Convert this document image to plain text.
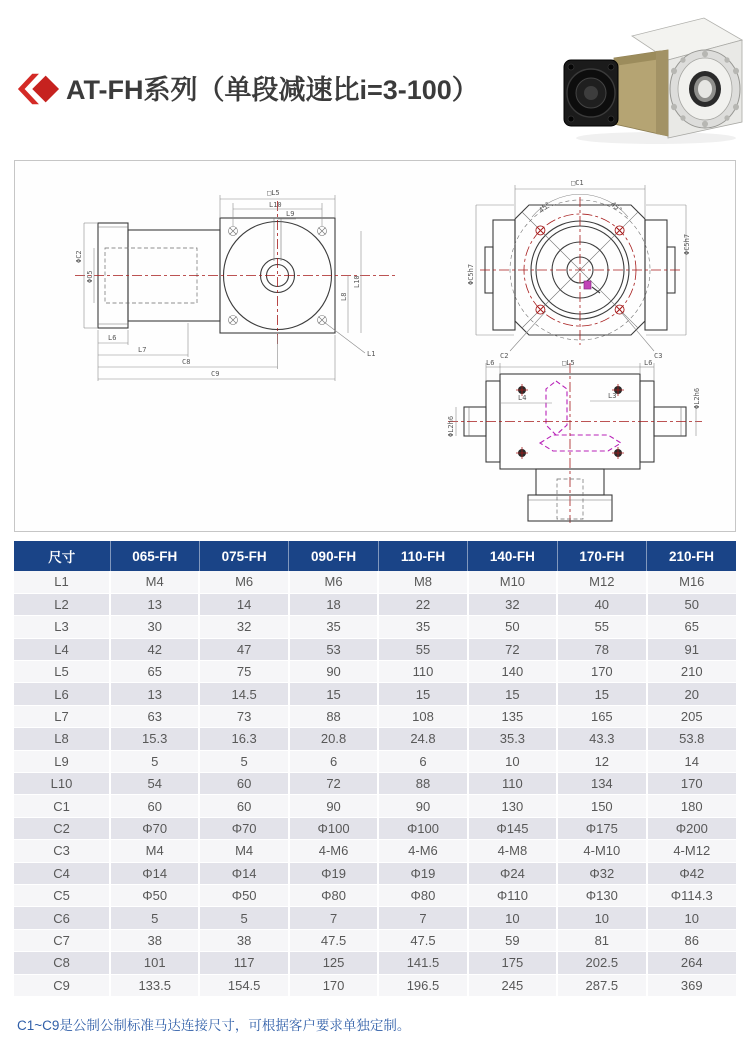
AT-FH系列（单段减速比i=3-100）
□L5
L10
L9
ΦC2
ΦC5
L8
L10
L6
L7
C8
C9
L1
□C1
45°	45°
ΦC5h7
ΦC5h7
C2	C3
L6	□L5	L6
L4	L3
ΦL2h6
ΦL2h6
尺寸	065-FH	075-FH	090-FH	110-FH	140-FH	170-FH	210-FH
L1	M4	M6	M6	M8	M10	M12	M16
L2	13	14	18	22	32	40	50
L3	30	32	35	35	50	55	65
L4	42	47	53	55	72	78	91
L5	65	75	90	110	140	170	210
L6	13	14.5	15	15	15	15	20
L7	63	73	88	108	135	165	205
L8	15.3	16.3	20.8	24.8	35.3	43.3	53.8
L9	5	5	6	6	10	12	14
L10	54	60	72	88	110	134	170
C1	60	60	90	90	130	150	180
C2	Φ70	Φ70	Φ100	Φ100	Φ145	Φ175	Φ200
C3	M4	M4	4-M6	4-M6	4-M8	4-M10	4-M12
C4	Φ14	Φ14	Φ19	Φ19	Φ24	Φ32	Φ42
C5	Φ50	Φ50	Φ80	Φ80	Φ110	Φ130	Φ114.3
C6	5	5	7	7	10	10	10
C7	38	38	47.5	47.5	59	81	86
C8	101	117	125	141.5	175	202.5	264
C9	133.5	154.5	170	196.5	245	287.5	369

C1~C9是公制公制标准马达连接尺寸，可根据客户要求单独定制。
